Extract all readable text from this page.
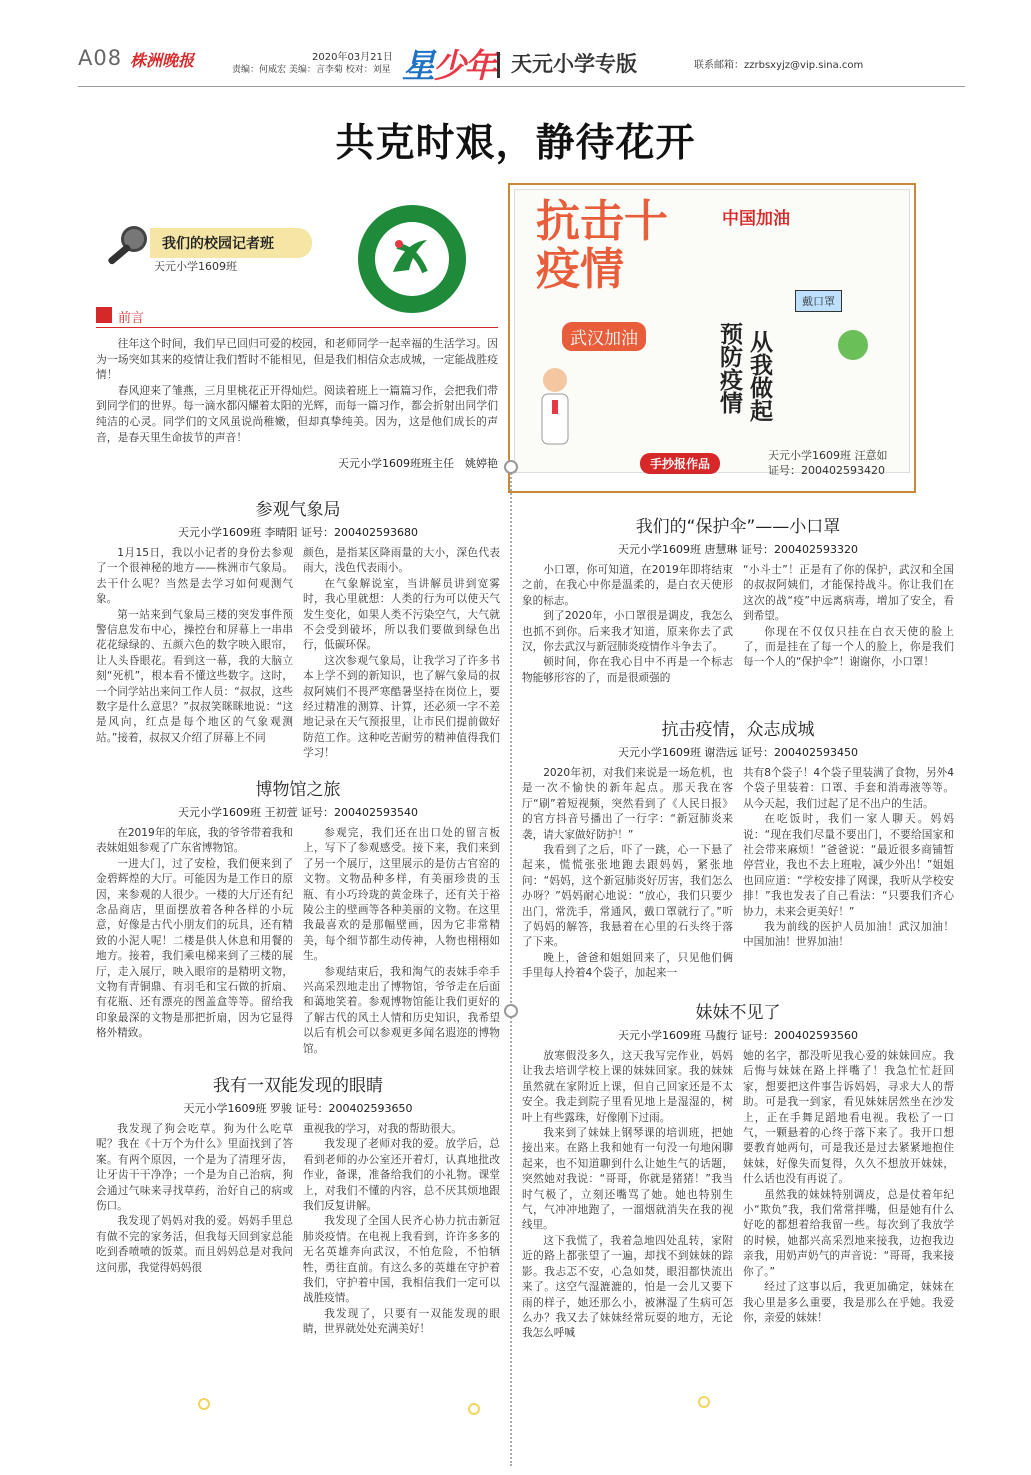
A08 株洲晚报	2020年03月21日
责编：何威宏 美编：言李菊 校对：刘星 星少年 天元小学专版	联系邮箱：zzrbsxyjz@vip.sina.com
共克时艰，静待花开
我们的校园记者班
天元小学1609班
前言

往年这个时间，我们早已回归可爱的校园，和老师同学一起幸福的生活学习。因为一场突如其来的疫情让我们暂时不能相见，但是我们相信众志成城，一定能战胜疫情！

春风迎来了雏燕，三月里桃花正开得灿烂。阅读着班上一篇篇习作，会把我们带到同学们的世界。每一滴水都闪耀着太阳的光辉，而每一篇习作，都会折射出同学们纯洁的心灵。同学们的文风虽说尚稚嫩，但却真挚纯美。因为，这是他们成长的声音，是春天里生命拔节的声音！

天元小学1609班班主任　姚婷艳
抗击十疫情
中国加油
武汉加油	预防疫情 从我做起
戴口罩
手抄报作品
天元小学1609班 汪意如
证号：20040259342​0
参观气象局
天元小学1609班 李晴阳 证号：200402593680

1月15日，我以小记者的身份去参观了一个很神秘的地方——株洲市气象局。去干什么呢？当然是去学习如何观测气象。

第一站来到气象局三楼的突发事件预警信息发布中心，操控台和屏幕上一串串花花绿绿的、五颜六色的数字映入眼帘，让人头昏眼花。看到这一幕，我的大脑立刻“死机”，根本看不懂这些数字。这时，一个同学站出来问工作人员：“叔叔，这些数字是什么意思？”叔叔笑眯眯地说：“这是风向，红点是每个地区的气象观测站。”接着，叔叔又介绍了屏幕上不同

颜色，是指某区降雨量的大小，深色代表雨大，浅色代表雨小。

在气象解说室，当讲解员讲到宽雾时，我心里就想：人类的行为可以使天气发生变化，如果人类不污染空气，大气就不会受到破坏，所以我们要做到绿色出行，低碳环保。

这次参观气象局，让我学习了许多书本上学不到的新知识，也了解气象局的叔叔阿姨们不畏严寒酷暑坚持在岗位上，要经过精准的测算、计算，还必须一字不差地记录在天气预报里，让市民们提前做好防范工作。这种吃苦耐劳的精神值得我们学习！

博物馆之旅
天元小学1609班 王初萱 证号：200402593540

在2019年的年底，我的爷爷带着我和表妹姐姐参观了广东省博物馆。

一进大门，过了安检，我们便来到了金碧辉煌的大厅。可能因为是工作日的原因，来参观的人很少。一楼的大厅还有纪念品商店，里面摆放着各种各样的小玩意，好像是古代小朋友们的玩具，还有精致的小泥人呢！二楼是供人休息和用餐的地方。接着，我们乘电梯来到了三楼的展厅，走入展厅，映入眼帘的是精明文物，文物有青铜鼎、有羽毛和宝石做的折扇、有花瓶、还有漂亮的图盖盒等等。留给我印象最深的文物是那把折扇，因为它显得格外精致。

参观完，我们还在出口处的留言板上，写下了参观感受。接下来，我们来到了另一个展厅，这里展示的是仿古官窑的文物。文物品种多样，有美丽珍贵的玉瓶、有小巧玲珑的黄金珠子，还有关于裕陵公主的壁画等各种美丽的文物。在这里我最喜欢的是那幅壁画，因为它非常精美，每个细节都生动传神，人物也栩栩如生。

参观结束后，我和淘气的表妹手牵手兴高采烈地走出了博物馆，爷爷走在后面和蔼地笑着。参观博物馆能让我们更好的了解古代的风土人情和历史知识，我希望以后有机会可以参观更多闻名遐迩的博物馆。

我有一双能发现的眼睛
天元小学1609班 罗骏 证号：200402593650

我发现了狗会吃草。狗为什么吃草呢？我在《十万个为什么》里面找到了答案。有两个原因，一个是为了清理牙齿，让牙齿干干净净；一个是为自己治病，狗会通过气味来寻找草药，治好自己的病或伤口。

我发现了妈妈对我的爱。妈妈手里总有做不完的家务活，但我每天回到家总能吃到香喷喷的饭菜。而且妈妈总是对我问这问那，我觉得妈妈很

重视我的学习，对我的帮助很大。

我发现了老师对我的爱。放学后，总看到老师的办公室还开着灯，认真地批改作业，备课，准备给我们的小礼物。课堂上，对我们不懂的内容，总不厌其烦地跟我们反复讲解。

我发现了全国人民齐心协力抗击新冠肺炎疫情。在电视上我看到，许许多多的无名英雄奔向武汉，不怕危险，不怕牺牲，勇往直前。有这么多的英雄在守护着我们，守护着中国，我相信我们一定可以战胜疫情。

我发现了，只要有一双能发现的眼睛，世界就处处充满美好！

我们的“保护伞”——小口罩
天元小学1609班 唐慧琳 证号：200402593320

小口罩，你可知道，在2019年即将结束之前，在我心中你是温柔的，是白衣天使形象的标志。

到了2020年，小口罩很是调皮，我怎么也抓不到你。后来我才知道，原来你去了武汉，你去武汉与新冠肺炎疫情作斗争去了。

顿时间，你在我心目中不再是一个标志物能够形容的了，而是很顽强的

“小斗士”！正是有了你的保护，武汉和全国的叔叔阿姨们，才能保持战斗。你让我们在这次的战“疫”中远离病毒，增加了安全，看到希望。

你现在不仅仅只挂在白衣天使的脸上了，而是挂在了每一个人的脸上，你是我们每一个人的“保护伞”！谢谢你，小口罩！

抗击疫情，众志成城
天元小学1609班 谢浩远 证号：200402593450

2020年初，对我们来说是一场危机，也是一次不愉快的新年起点。那天我在客厅“刷”着短视频，突然看到了《人民日报》的官方抖音号播出了一行字：“新冠肺炎来袭，请大家做好防护！”

我看到了之后，吓了一跳，心一下悬了起来，慌慌张张地跑去跟妈妈，紧张地问：“妈妈，这个新冠肺炎好厉害，我们怎么办呀？”妈妈耐心地说：“放心，我们只要少出门，常洗手，常通风，戴口罩就行了。”听了妈妈的解答，我悬着在心里的石头终于落了下来。

晚上，爸爸和姐姐回来了，只见他们俩手里每人拎着4个袋子，加起来一

共有8个袋子！4个袋子里装满了食物，另外4个袋子里装着：口罩、手套和消毒液等等。从今天起，我们过起了足不出户的生活。

在吃饭时，我们一家人聊天。妈妈说：“现在我们尽量不要出门，不要给国家和社会带来麻烦！”爸爸说：“最近很多商铺暂停营业，我也不去上班啦，减少外出！”姐姐也回应道：“学校安排了网课，我听从学校安排！”我也发表了自己看法：“只要我们齐心协力，未来会更美好！”

我为前线的医护人员加油！武汉加油！中国加油！世界加油！

妹妹不见了
天元小学1609班 马馥行 证号：200402593560

放寒假没多久，这天我写完作业，妈妈让我去培训学校上课的妹妹回家。我的妹妹虽然就在家附近上课，但自己回家还是不太安全。我走到院子里看见地上是湿湿的，树叶上有些露珠，好像刚下过雨。

我来到了妹妹上钢琴课的培训班，把她接出来。在路上我和她有一句没一句地闲聊起来，也不知道聊到什么让她生气的话题，突然她对我说：“哥哥，你就是猪猪！”我当时气极了，立刻还嘴骂了她。她也特别生气，气冲冲地跑了，一溜烟就消失在我的视线里。

这下我慌了，我着急地四处乱转，家附近的路上都张望了一遍，却找不到妹妹的踪影。我忐忑不安，心急如焚，眼泪都快流出来了。这空气湿漉漉的，怕是一会儿又要下雨的样子，她还那么小，被淋湿了生病可怎么办？我又去了妹妹经常玩耍的地方，无论我怎么呼喊

她的名字，都没听见我心爱的妹妹回应。我后悔与妹妹在路上拌嘴了！我急忙忙赶回家，想要把这件事告诉妈妈，寻求大人的帮助。可是我一到家，看见妹妹居然坐在沙发上，正在手舞足蹈地看电视。我松了一口气，一颗悬着的心终于落下来了。我开口想要教育她两句，可是我还是过去紧紧地抱住妹妹，好像失而复得，久久不想放开妹妹，什么话也没有再说了。

虽然我的妹妹特别调皮，总是仗着年纪小“欺负”我，我们常常拌嘴，但是她有什么好吃的都想着给我留一些。每次到了我放学的时候，她都兴高采烈地来接我，边抱我边亲我，用奶声奶气的声音说：“哥哥，我来接你了。”

经过了这事以后，我更加确定，妹妹在我心里是多么重要，我是那么在乎她。我爱你，亲爱的妹妹！
